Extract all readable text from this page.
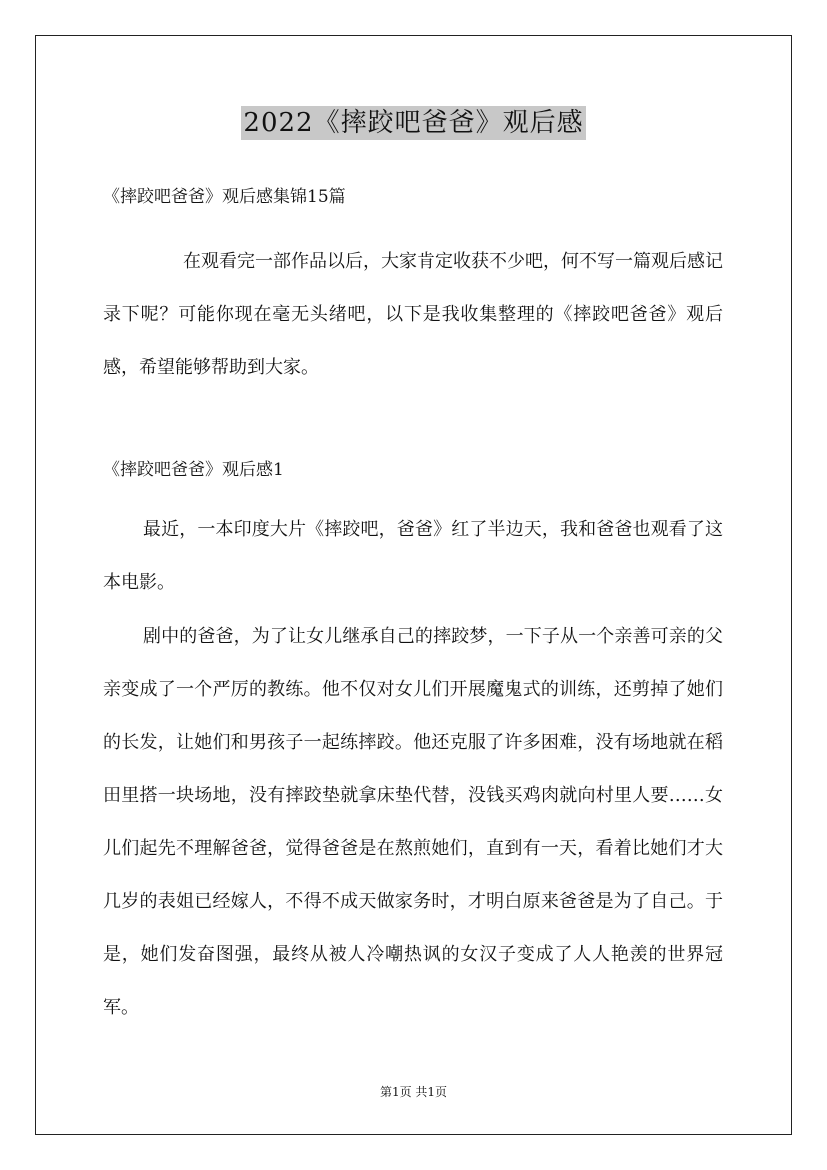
2022《摔跤吧爸爸》观后感
《摔跤吧爸爸》观后感集锦15篇

在观看完一部作品以后，大家肯定收获不少吧，何不写一篇观后感记录下呢？可能你现在毫无头绪吧，以下是我收集整理的《摔跤吧爸爸》观后感，希望能够帮助到大家。

《摔跤吧爸爸》观后感1

最近，一本印度大片《摔跤吧，爸爸》红了半边天，我和爸爸也观看了这本电影。

剧中的爸爸，为了让女儿继承自己的摔跤梦，一下子从一个亲善可亲的父亲变成了一个严厉的教练。他不仅对女儿们开展魔鬼式的训练，还剪掉了她们的长发，让她们和男孩子一起练摔跤。他还克服了许多困难，没有场地就在稻田里搭一块场地，没有摔跤垫就拿床垫代替，没钱买鸡肉就向村里人要……女儿们起先不理解爸爸，觉得爸爸是在熬煎她们，直到有一天，看着比她们才大几岁的表姐已经嫁人，不得不成天做家务时，才明白原来爸爸是为了自己。于是，她们发奋图强，最终从被人冷嘲热讽的女汉子变成了人人艳羡的世界冠军。

第1页 共1页
